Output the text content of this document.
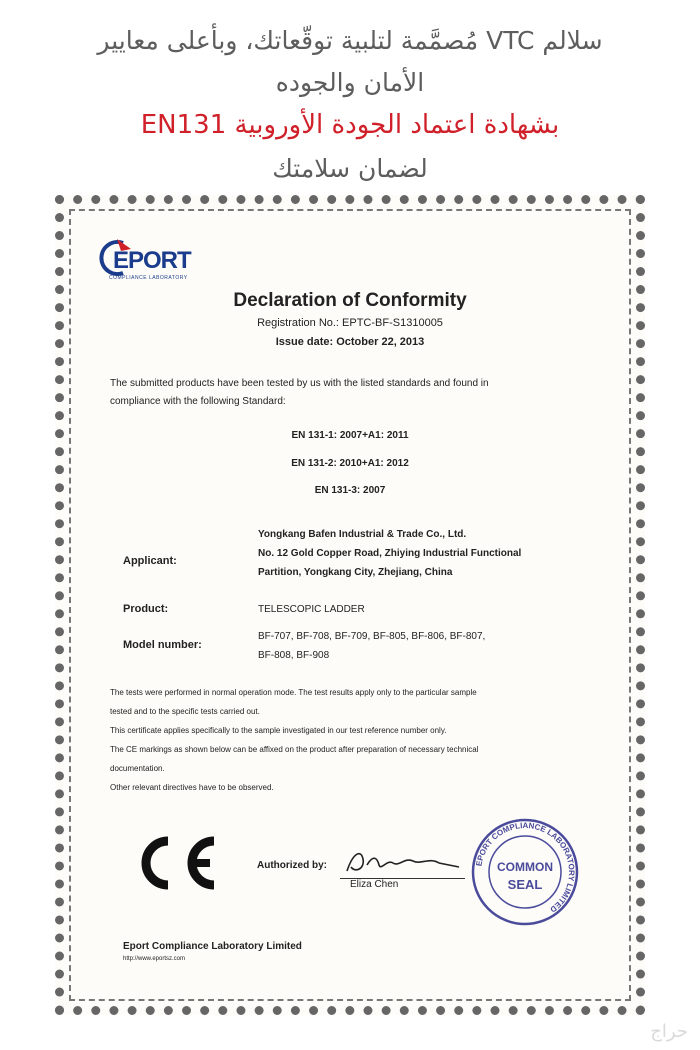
سلالم VTC مُصمَّمة لتلبية توقّعاتك، وبأعلى معايير
الأمان والجوده
بشهادة اعتماد الجودة الأوروبية EN131
لضمان سلامتك
EPORT
COMPLIANCE LABORATORY
Declaration of Conformity
Registration No.: EPTC-BF-S1310005
Issue date: October 22, 2013
The submitted products have been tested by us with the listed standards and found in
compliance with the following Standard:
EN 131-1: 2007+A1: 2011
EN 131-2: 2010+A1: 2012
EN 131-3: 2007
Applicant:
Yongkang Bafen Industrial & Trade Co., Ltd.
No. 12 Gold Copper Road, Zhiying Industrial Functional
Partition, Yongkang City, Zhejiang, China
Product:	TELESCOPIC LADDER
Model number:
BF-707, BF-708, BF-709, BF-805, BF-806, BF-807,
BF-808, BF-908
The tests were performed in normal operation mode. The test results apply only to the particular sample
tested and to the specific tests carried out.
This certificate applies specifically to the sample investigated in our test reference number only.
The CE markings as shown below can be affixed on the product after preparation of necessary technical
documentation.
Other relevant directives have to be observed.
Authorized by:
Eliza Chen
EPORT COMPLIANCE LABORATORY LIMITED
COMMON
SEAL
Eport Compliance Laboratory Limited
http://www.eportsz.com
حراج
